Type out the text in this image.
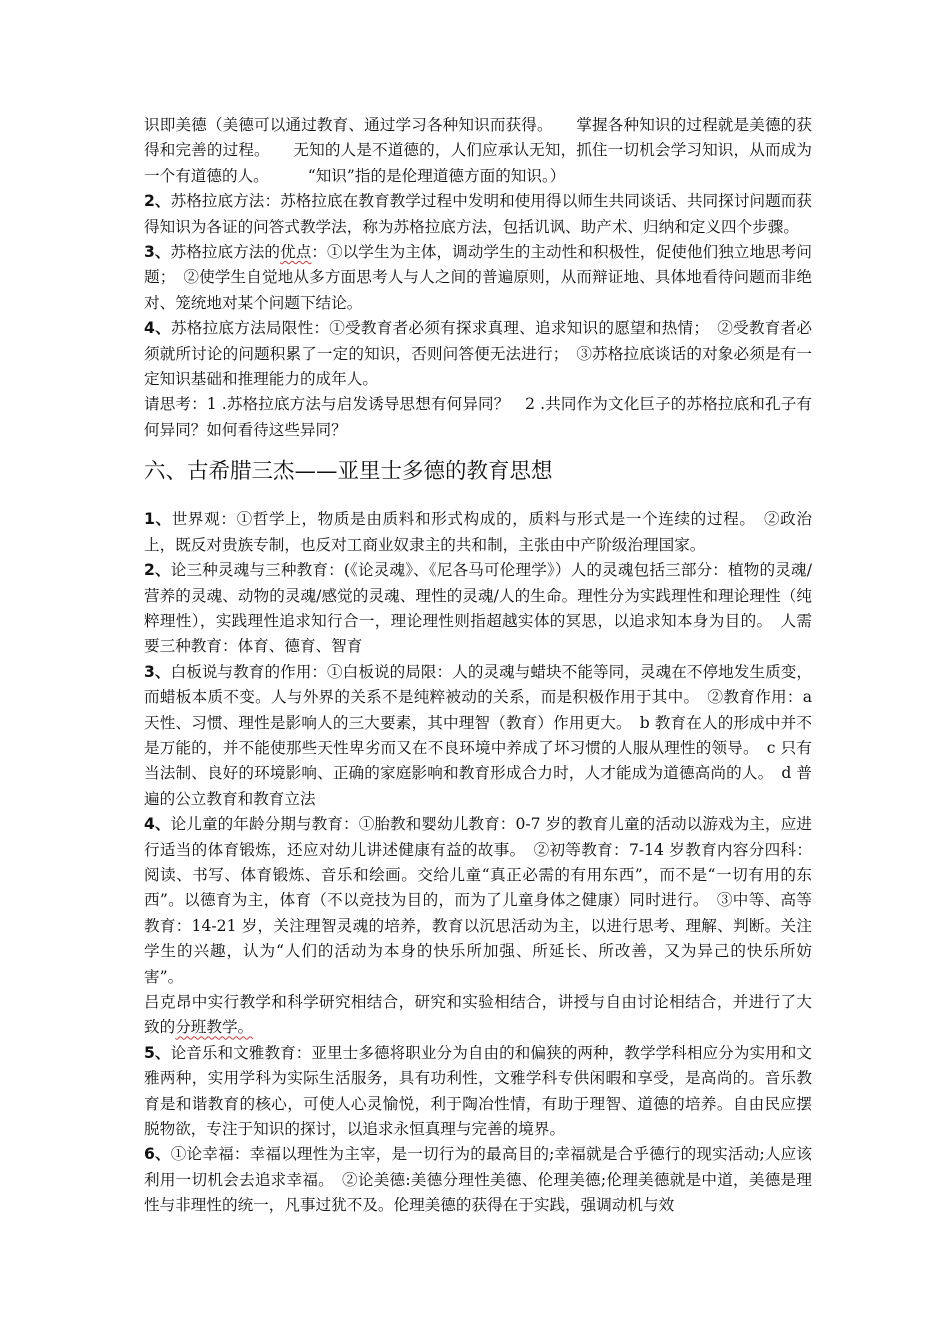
识即美德（美德可以通过教育、通过学习各种知识而获得。　　掌握各种知识的过程就是美德的获得和完善的过程。　　无知的人是不道德的，人们应承认无知，抓住一切机会学习知识，从而成为一个有道德的人。　　　“知识”指的是伦理道德方面的知识。）

2、苏格拉底方法：苏格拉底在教育教学过程中发明和使用得以师生共同谈话、共同探讨问题而获得知识为各证的问答式教学法，称为苏格拉底方法，包括讥讽、助产术、归纳和定义四个步骤。

3、苏格拉底方法的优点：①以学生为主体，调动学生的主动性和积极性，促使他们独立地思考问题；　②使学生自觉地从多方面思考人与人之间的普遍原则，从而辩证地、具体地看待问题而非绝对、笼统地对某个问题下结论。

4、苏格拉底方法局限性：①受教育者必须有探求真理、追求知识的愿望和热情；　②受教育者必须就所讨论的问题积累了一定的知识，否则问答便无法进行；　③苏格拉底谈话的对象必须是有一定知识基础和推理能力的成年人。

请思考：1 .苏格拉底方法与启发诱导思想有何异同？　2 .共同作为文化巨子的苏格拉底和孔子有何异同？如何看待这些异同？

六、古希腊三杰——亚里士多德的教育思想

1、世界观：①哲学上，物质是由质料和形式构成的，质料与形式是一个连续的过程。　②政治上，既反对贵族专制，也反对工商业奴隶主的共和制，主张由中产阶级治理国家。

2、论三种灵魂与三种教育：(《论灵魂》、《尼各马可伦理学》）人的灵魂包括三部分：植物的灵魂/营养的灵魂、动物的灵魂/感觉的灵魂、理性的灵魂/人的生命。理性分为实践理性和理论理性（纯粹理性），实践理性追求知行合一，理论理性则指超越实体的冥思，以追求知本身为目的。　人需要三种教育：体育、德育、智育

3、白板说与教育的作用：①白板说的局限：人的灵魂与蜡块不能等同，灵魂在不停地发生质变，而蜡板本质不变。人与外界的关系不是纯粹被动的关系，而是积极作用于其中。　②教育作用：a 天性、习惯、理性是影响人的三大要素，其中理智（教育）作用更大。　b 教育在人的形成中并不是万能的，并不能使那些天性卑劣而又在不良环境中养成了坏习惯的人服从理性的领导。　c 只有当法制、良好的环境影响、正确的家庭影响和教育形成合力时，人才能成为道德高尚的人。　d 普遍的公立教育和教育立法

4、论儿童的年龄分期与教育：①胎教和婴幼儿教育：0-7 岁的教育儿童的活动以游戏为主，应进行适当的体育锻炼，还应对幼儿讲述健康有益的故事。　②初等教育：7-14 岁教育内容分四科：阅读、书写、体育锻炼、音乐和绘画。交给儿童“真正必需的有用东西”，而不是“一切有用的东西”。以德育为主，体育（不以竞技为目的，而为了儿童身体之健康）同时进行。　③中等、高等教育：14-21 岁，关注理智灵魂的培养，教育以沉思活动为主，以进行思考、理解、判断。关注学生的兴趣，认为“人们的活动为本身的快乐所加强、所延长、所改善，又为异己的快乐所妨害”。

吕克昂中实行教学和科学研究相结合，研究和实验相结合，讲授与自由讨论相结合，并进行了大致的分班教学。

5、论音乐和文雅教育：亚里士多德将职业分为自由的和偏狭的两种，教学学科相应分为实用和文雅两种，实用学科为实际生活服务，具有功利性，文雅学科专供闲暇和享受，是高尚的。音乐教育是和谐教育的核心，可使人心灵愉悦，利于陶冶性情，有助于理智、道德的培养。自由民应摆脱物欲，专注于知识的探讨，以追求永恒真理与完善的境界。

6、①论幸福：幸福以理性为主宰，是一切行为的最高目的;幸福就是合乎德行的现实活动;人应该利用一切机会去追求幸福。　②论美德:美德分理性美德、伦理美德;伦理美德就是中道，美德是理性与非理性的统一，凡事过犹不及。伦理美德的获得在于实践，强调动机与效
